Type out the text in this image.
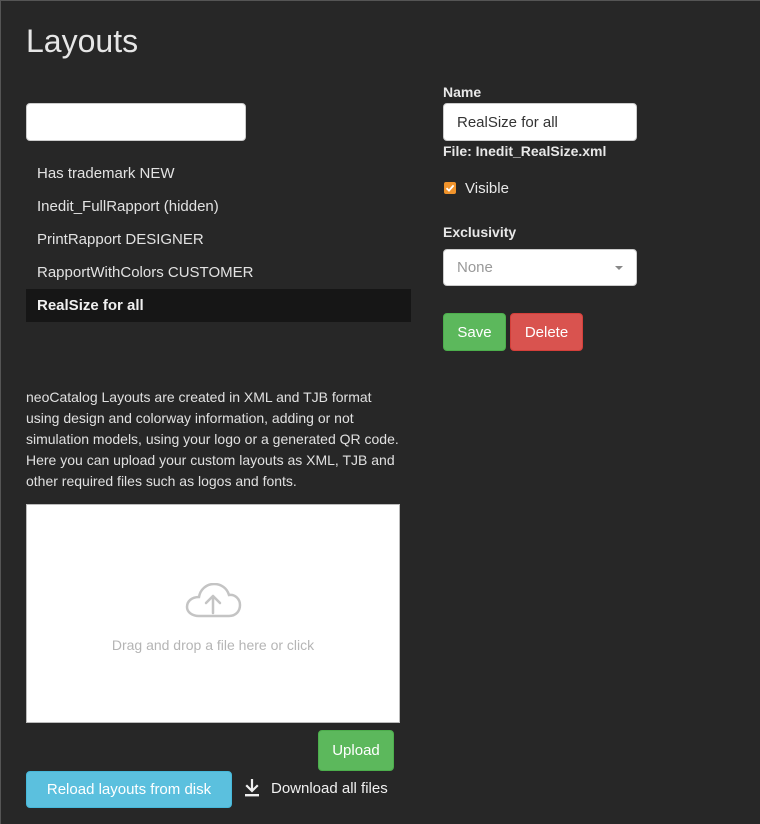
Layouts
Has trademark NEW
Inedit_FullRapport (hidden)
PrintRapport DESIGNER
RapportWithColors CUSTOMER
RealSize for all

neoCatalog Layouts are created in XML and TJB format using design and colorway information, adding or not simulation models, using your logo or a generated QR code. Here you can upload your custom layouts as XML, TJB and other required files such as logos and fonts.

Drag and drop a file here or click
Upload
Reload layouts from disk	Download all files
Name
RealSize for all
File: Inedit_RealSize.xml
Visible
Exclusivity
None
Save	Delete
